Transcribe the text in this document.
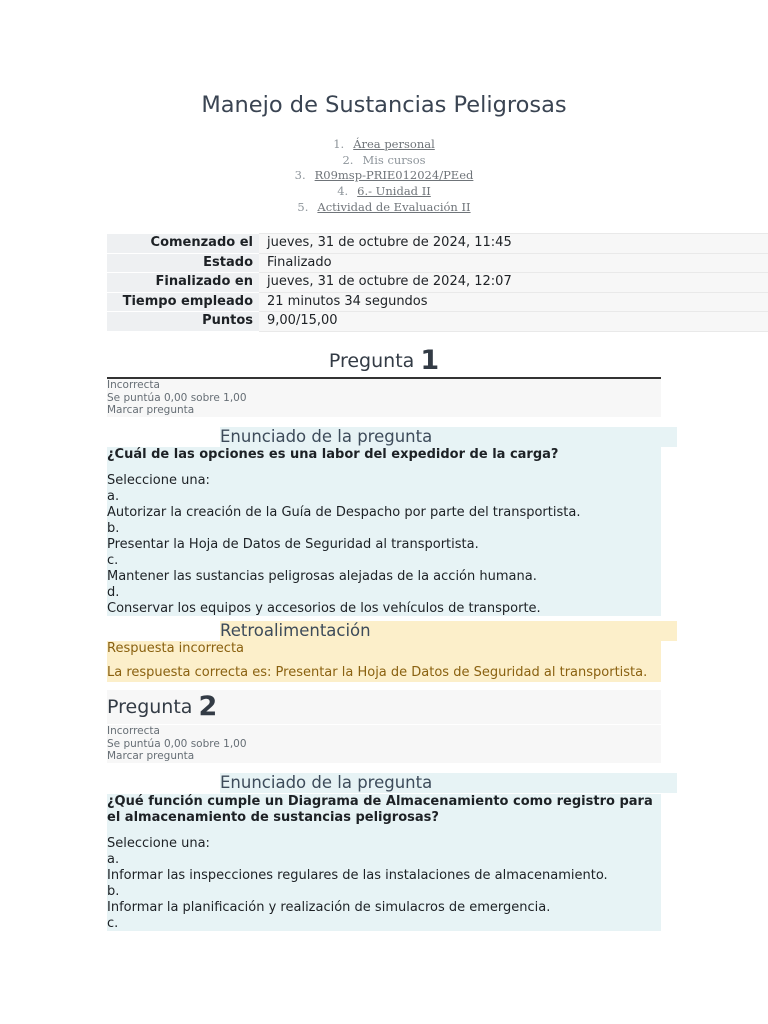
Manejo de Sustancias Peligrosas
1. Área personal
2. Mis cursos
3. R09msp-PRIE012024/PEed
4. 6.- Unidad II
5. Actividad de Evaluación II
Comenzado el	jueves, 31 de octubre de 2024, 11:45
Estado	Finalizado
Finalizado en	jueves, 31 de octubre de 2024, 12:07
Tiempo empleado	21 minutos 34 segundos
Puntos	9,00/15,00
Pregunta 1
Incorrecta
Se puntúa 0,00 sobre 1,00
Marcar pregunta
Enunciado de la pregunta
¿Cuál de las opciones es una labor del expedidor de la carga?
Seleccione una:
a.
Autorizar la creación de la Guía de Despacho por parte del transportista.
b.
Presentar la Hoja de Datos de Seguridad al transportista.
c.
Mantener las sustancias peligrosas alejadas de la acción humana.
d.
Conservar los equipos y accesorios de los vehículos de transporte.
Retroalimentación
Respuesta incorrecta
La respuesta correcta es: Presentar la Hoja de Datos de Seguridad al transportista.
Pregunta 2
Incorrecta
Se puntúa 0,00 sobre 1,00
Marcar pregunta
Enunciado de la pregunta
¿Qué función cumple un Diagrama de Almacenamiento como registro para el almacenamiento de sustancias peligrosas?
Seleccione una:
a.
Informar las inspecciones regulares de las instalaciones de almacenamiento.
b.
Informar la planificación y realización de simulacros de emergencia.
c.
